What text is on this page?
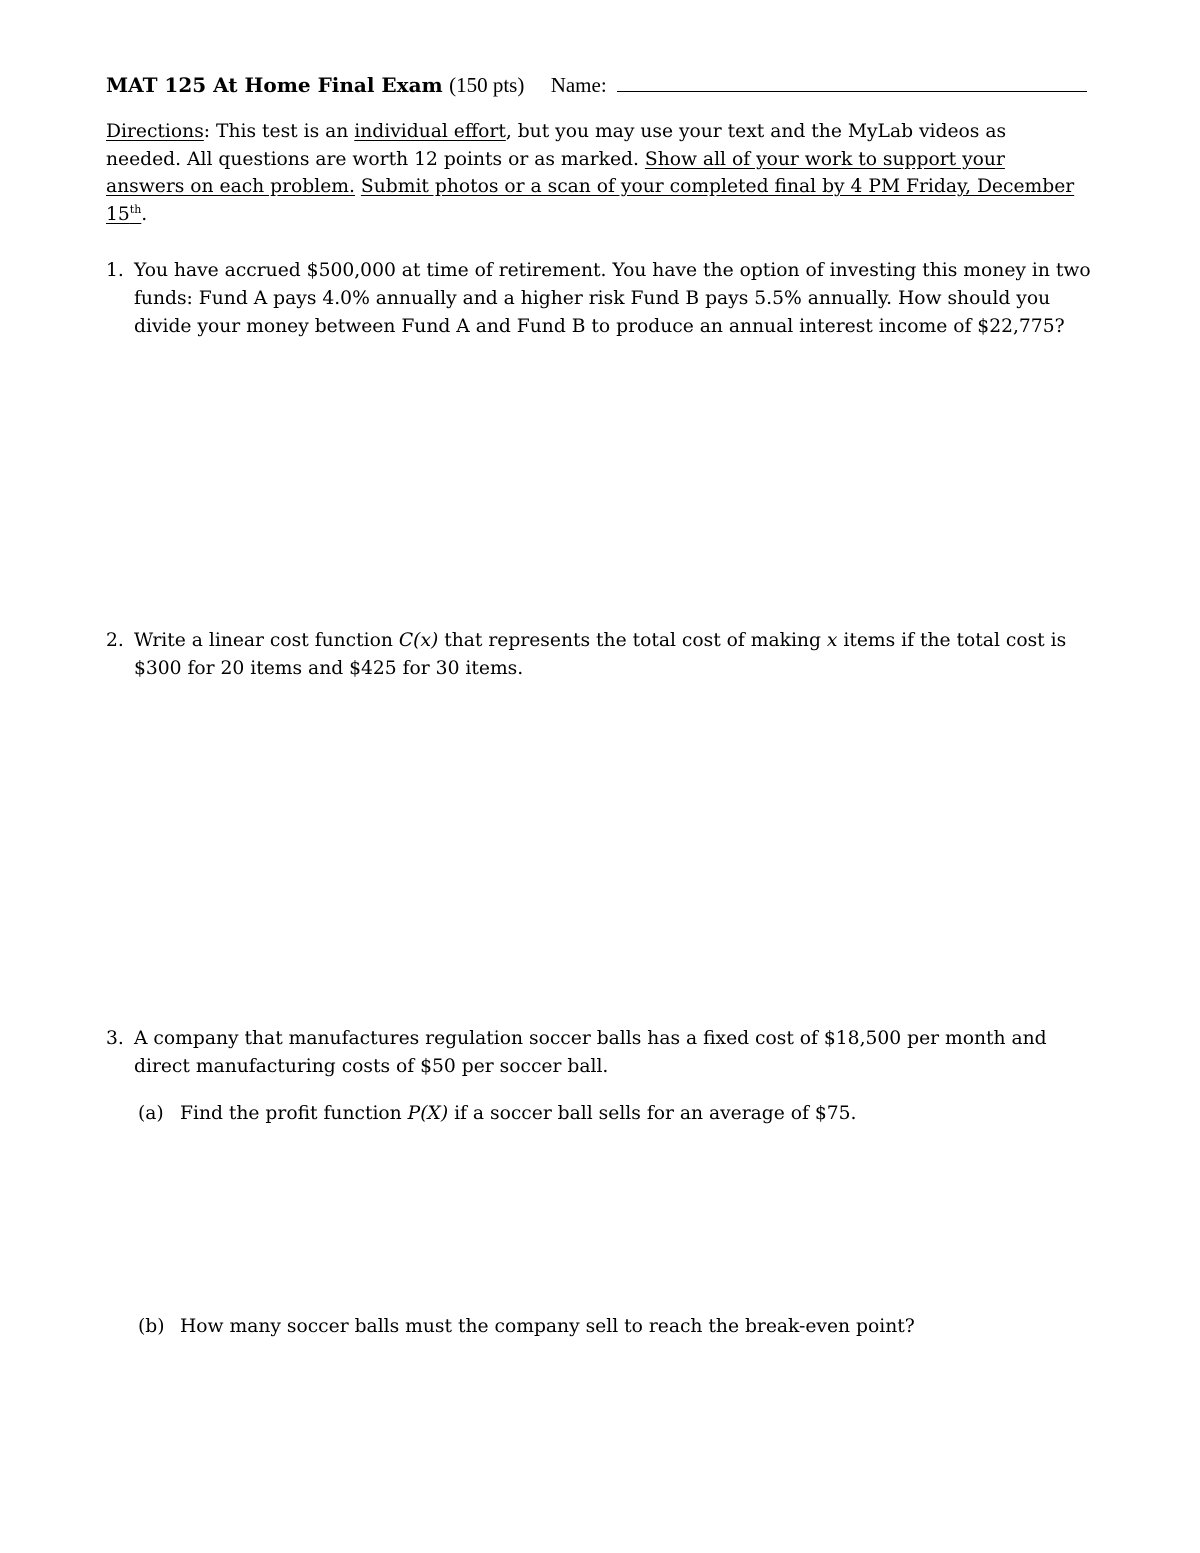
MAT 125 At Home Final Exam (150 pts) Name:
Directions: This test is an individual effort, but you may use your text and the MyLab videos as needed. All questions are worth 12 points or as marked. Show all of your work to support your answers on each problem. Submit photos or a scan of your completed final by 4 PM Friday, December 15th.
1. You have accrued $500,000 at time of retirement. You have the option of investing this money in two funds: Fund A pays 4.0% annually and a higher risk Fund B pays 5.5% annually. How should you divide your money between Fund A and Fund B to produce an annual interest income of $22,775?
2. Write a linear cost function C(x) that represents the total cost of making x items if the total cost is $300 for 20 items and $425 for 30 items.
3. A company that manufactures regulation soccer balls has a fixed cost of $18,500 per month and direct manufacturing costs of $50 per soccer ball.
(a) Find the profit function P(X) if a soccer ball sells for an average of $75.
(b) How many soccer balls must the company sell to reach the break-even point?
